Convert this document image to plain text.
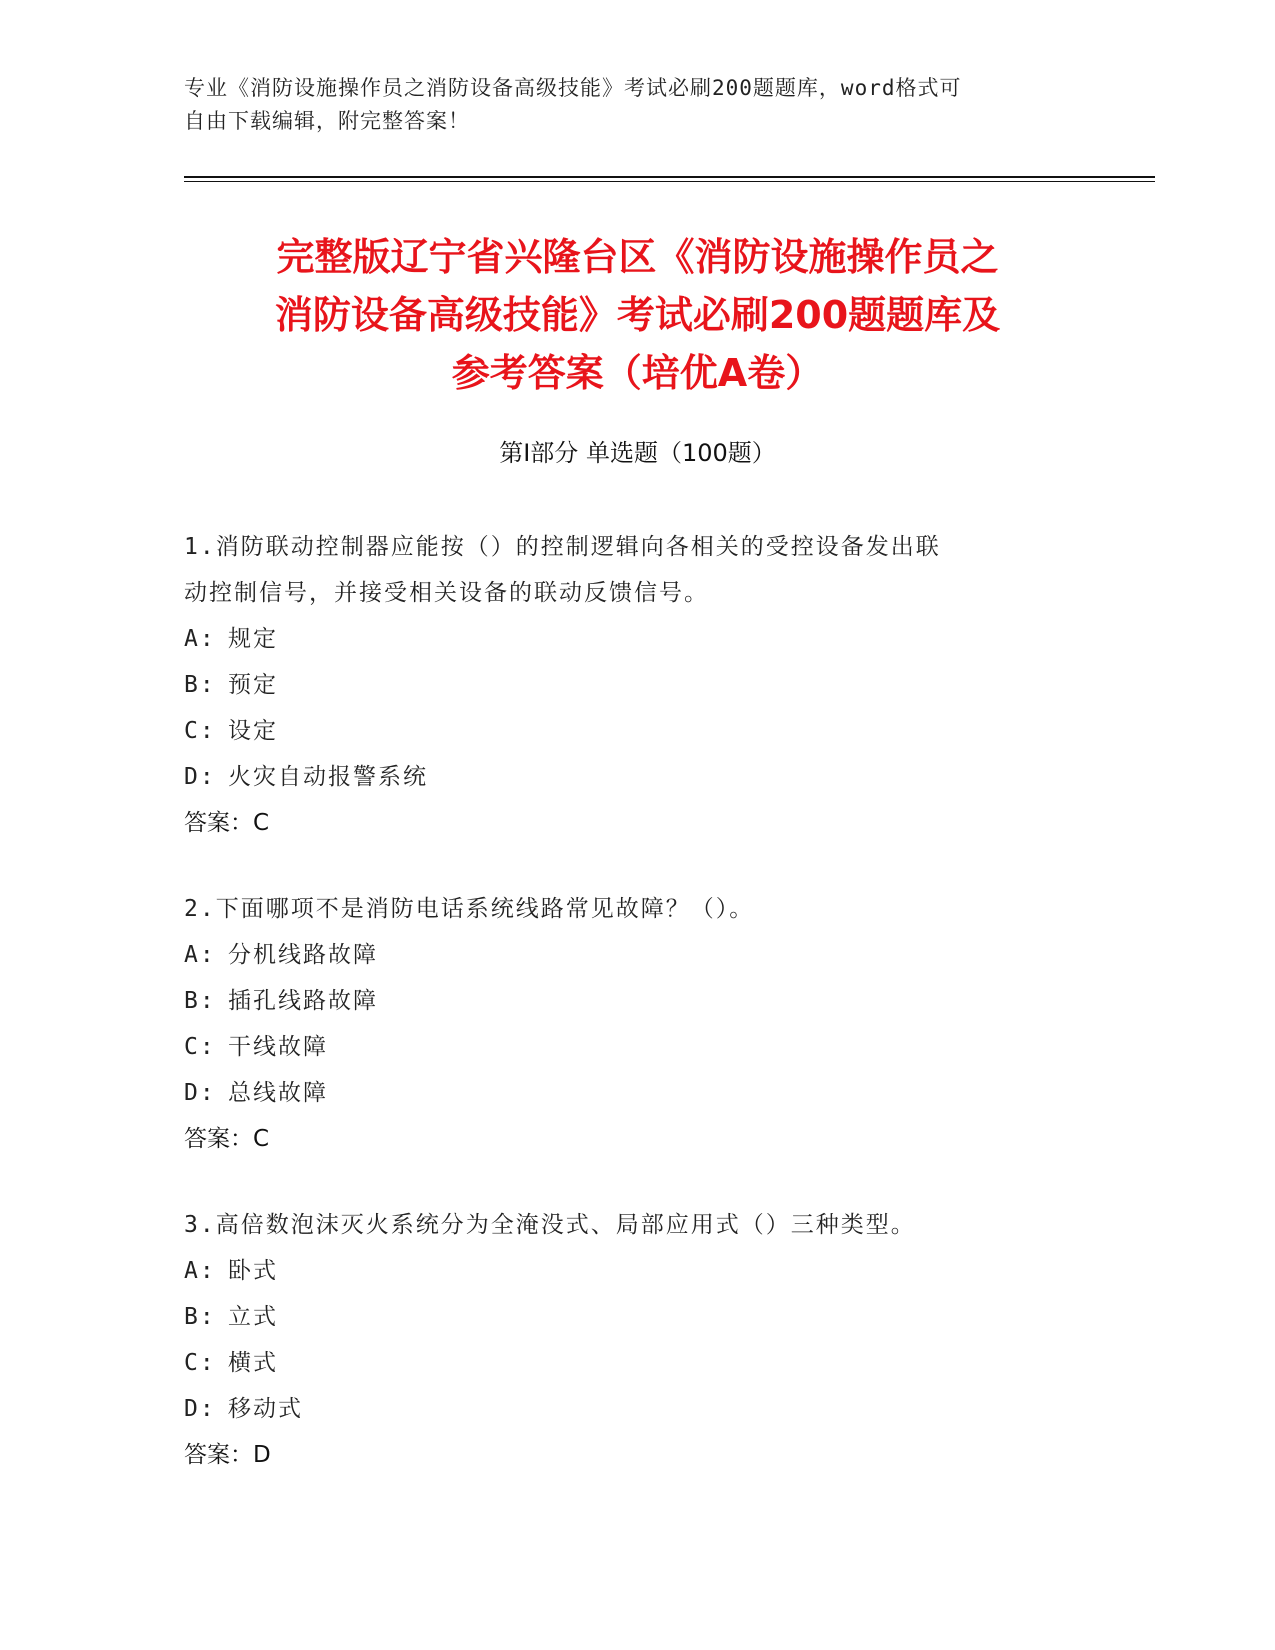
专业《消防设施操作员之消防设备高级技能》考试必刷200题题库，word格式可
自由下载编辑，附完整答案！
完整版辽宁省兴隆台区《消防设施操作员之
消防设备高级技能》考试必刷200题题库及
参考答案（培优A卷）
第I部分 单选题（100题）
1.消防联动控制器应能按（）的控制逻辑向各相关的受控设备发出联
动控制信号，并接受相关设备的联动反馈信号。
A: 规定
B: 预定
C: 设定
D: 火灾自动报警系统
答案：C
2.下面哪项不是消防电话系统线路常见故障？（）。
A: 分机线路故障
B: 插孔线路故障
C: 干线故障
D: 总线故障
答案：C
3.高倍数泡沫灭火系统分为全淹没式、局部应用式（）三种类型。
A: 卧式
B: 立式
C: 横式
D: 移动式
答案：D
